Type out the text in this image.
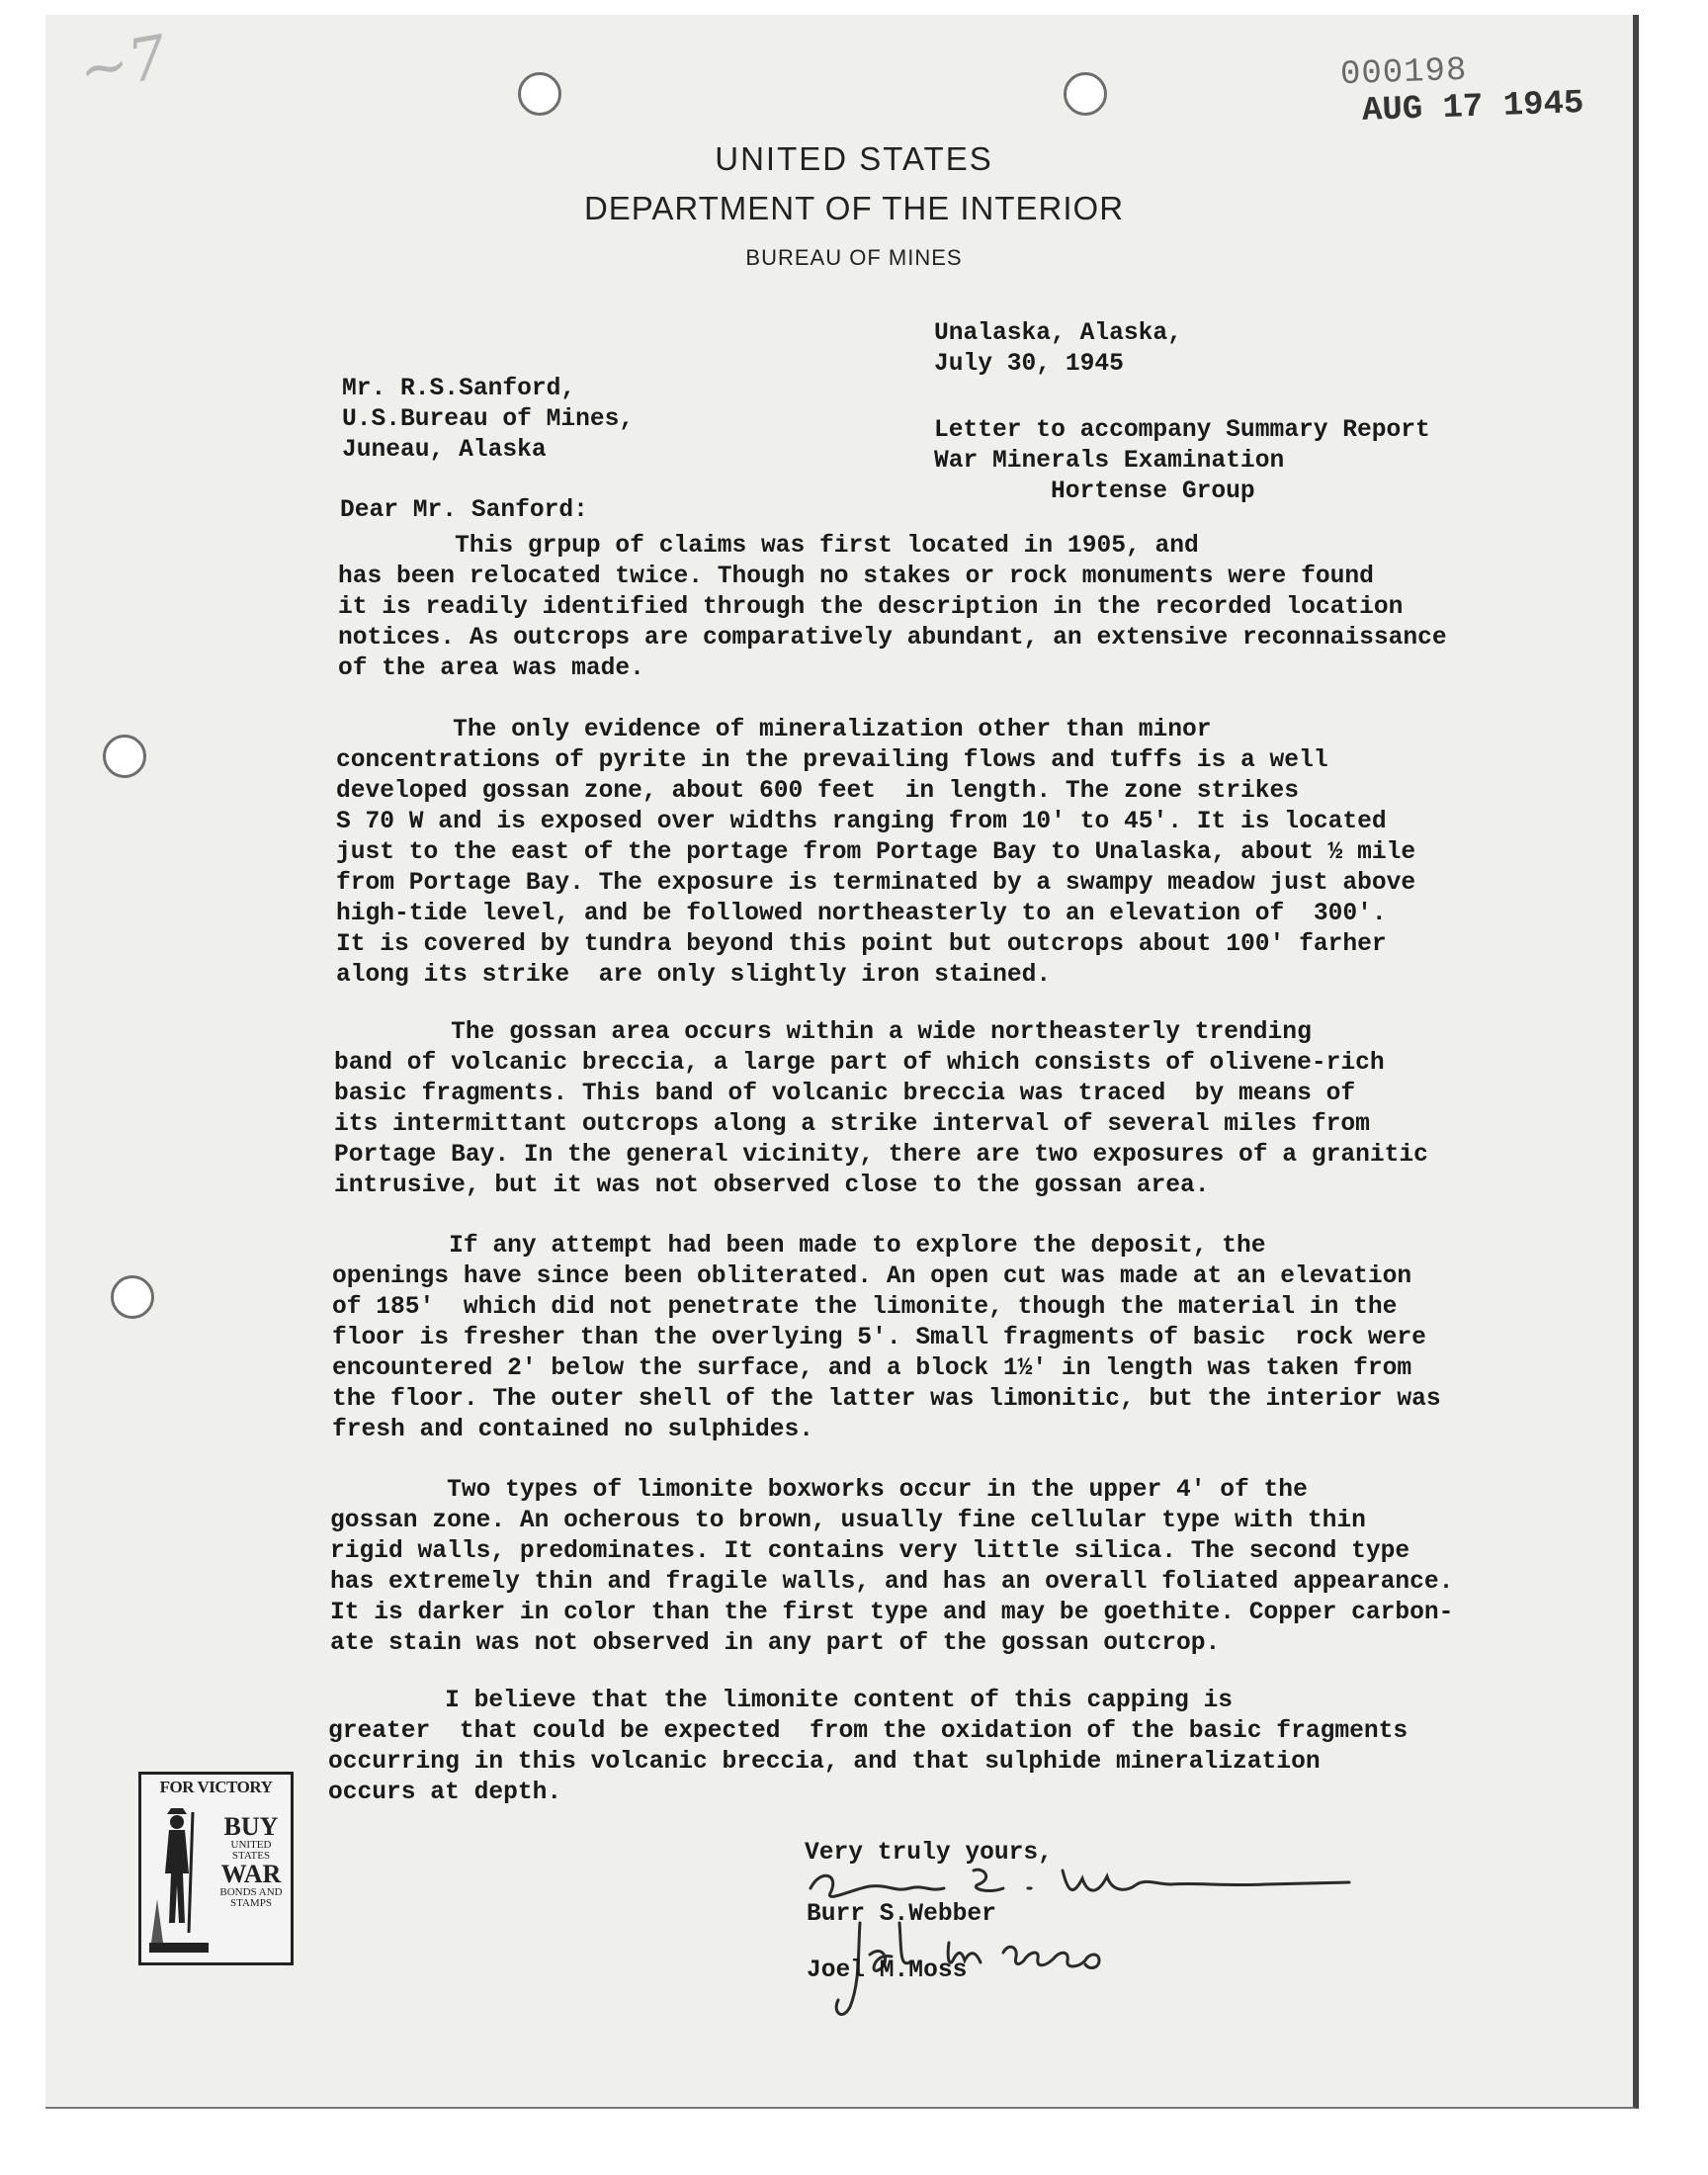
~7	000198
AUG 17 1945
UNITED STATES
DEPARTMENT OF THE INTERIOR
BUREAU OF MINES
Unalaska, Alaska,
July 30, 1945
Mr. R.S.Sanford,
U.S.Bureau of Mines,
Juneau, Alaska
Letter to accompany Summary Report
War Minerals Examination
Hortense Group
Dear Mr. Sanford:
This grpup of claims was first located in 1905, and
has been relocated twice. Though no stakes or rock monuments were found
it is readily identified through the description in the recorded location
notices. As outcrops are comparatively abundant, an extensive reconnaissance
of the area was made.
The only evidence of mineralization other than minor
concentrations of pyrite in the prevailing flows and tuffs is a well
developed gossan zone, about 600 feet  in length. The zone strikes
S 70 W and is exposed over widths ranging from 10' to 45'. It is located
just to the east of the portage from Portage Bay to Unalaska, about ½ mile
from Portage Bay. The exposure is terminated by a swampy meadow just above
high-tide level, and be followed northeasterly to an elevation of  300'.
It is covered by tundra beyond this point but outcrops about 100' farher
along its strike  are only slightly iron stained.
The gossan area occurs within a wide northeasterly trending
band of volcanic breccia, a large part of which consists of olivene-rich
basic fragments. This band of volcanic breccia was traced  by means of
its intermittant outcrops along a strike interval of several miles from
Portage Bay. In the general vicinity, there are two exposures of a granitic
intrusive, but it was not observed close to the gossan area.
If any attempt had been made to explore the deposit, the
openings have since been obliterated. An open cut was made at an elevation
of 185'  which did not penetrate the limonite, though the material in the
floor is fresher than the overlying 5'. Small fragments of basic  rock were
encountered 2' below the surface, and a block 1½' in length was taken from
the floor. The outer shell of the latter was limonitic, but the interior was
fresh and contained no sulphides.
Two types of limonite boxworks occur in the upper 4' of the
gossan zone. An ocherous to brown, usually fine cellular type with thin
rigid walls, predominates. It contains very little silica. The second type
has extremely thin and fragile walls, and has an overall foliated appearance.
It is darker in color than the first type and may be goethite. Copper carbon-
ate stain was not observed in any part of the gossan outcrop.
I believe that the limonite content of this capping is
greater  that could be expected  from the oxidation of the basic fragments
occurring in this volcanic breccia, and that sulphide mineralization
occurs at depth.
Very truly yours,
Burr S.Webber
Joel M.Moss
FOR VICTORY
BUY
UNITED STATES
WAR
BONDS AND STAMPS
